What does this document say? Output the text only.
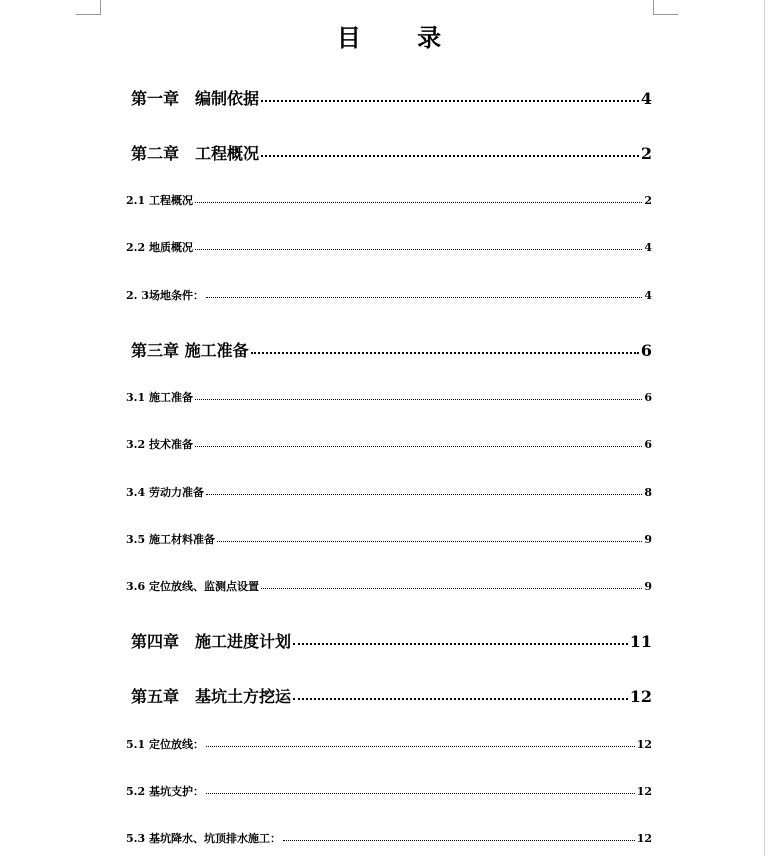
目 录
第一章　编制依据	4
第二章　工程概况	2
2.1 工程概况	2
2.2 地质概况	4
2. 3场地条件：	4
第三章 施工准备	6
3.1 施工准备	6
3.2 技术准备	6
3.4 劳动力准备	8
3.5 施工材料准备	9
3.6 定位放线、监测点设置	9
第四章　施工进度计划	11
第五章　基坑土方挖运	12
5.1 定位放线：	12
5.2 基坑支护：	12
5.3 基坑降水、坑顶排水施工：	12
